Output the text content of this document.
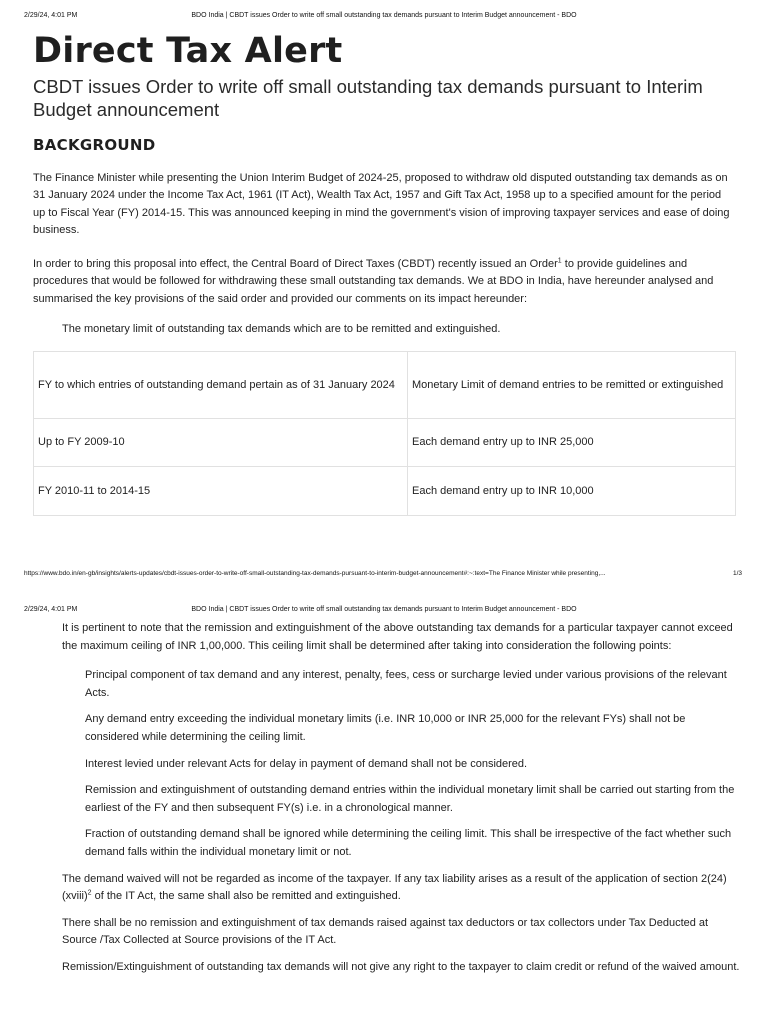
2/29/24, 4:01 PM	BDO India | CBDT issues Order to write off small outstanding tax demands pursuant to Interim Budget announcement - BDO
Direct Tax Alert
CBDT issues Order to write off small outstanding tax demands pursuant to Interim Budget announcement
BACKGROUND

The Finance Minister while presenting the Union Interim Budget of 2024-25, proposed to withdraw old disputed outstanding tax demands as on 31 January 2024 under the Income Tax Act, 1961 (IT Act), Wealth Tax Act, 1957 and Gift Tax Act, 1958 up to a specified amount for the period up to Fiscal Year (FY) 2014-15. This was announced keeping in mind the government's vision of improving taxpayer services and ease of doing business.

In order to bring this proposal into effect, the Central Board of Direct Taxes (CBDT) recently issued an Order$^1$ to provide guidelines and procedures that would be followed for withdrawing these small outstanding tax demands. We at BDO in India, have hereunder analysed and summarised the key provisions of the said order and provided our comments on its impact hereunder:

The monetary limit of outstanding tax demands which are to be remitted and extinguished.

FY to which entries of outstanding demand pertain as of 31 January 2024	Monetary Limit of demand entries to be remitted or extinguished
Up to FY 2009-10	Each demand entry up to INR 25,000
FY 2010-11 to 2014-15	Each demand entry up to INR 10,000
https://www.bdo.in/en-gb/insights/alerts-updates/cbdt-issues-order-to-write-off-small-outstanding-tax-demands-pursuant-to-interim-budget-announcement#:~:text=The Finance Minister while presenting,...	1/3
2/29/24, 4:01 PM	BDO India | CBDT issues Order to write off small outstanding tax demands pursuant to Interim Budget announcement - BDO

It is pertinent to note that the remission and extinguishment of the above outstanding tax demands for a particular taxpayer cannot exceed the maximum ceiling of INR 1,00,000. This ceiling limit shall be determined after taking into consideration the following points:

Principal component of tax demand and any interest, penalty, fees, cess or surcharge levied under various provisions of the relevant Acts.
Any demand entry exceeding the individual monetary limits (i.e. INR 10,000 or INR 25,000 for the relevant FYs) shall not be considered while determining the ceiling limit.
Interest levied under relevant Acts for delay in payment of demand shall not be considered.
Remission and extinguishment of outstanding demand entries within the individual monetary limit shall be carried out starting from the earliest of the FY and then subsequent FY(s) i.e. in a chronological manner.
Fraction of outstanding demand shall be ignored while determining the ceiling limit. This shall be irrespective of the fact whether such demand falls within the individual monetary limit or not.

The demand waived will not be regarded as income of the taxpayer. If any tax liability arises as a result of the application of section 2(24)(xviii)$^2$ of the IT Act, the same shall also be remitted and extinguished.

There shall be no remission and extinguishment of tax demands raised against tax deductors or tax collectors under Tax Deducted at Source /Tax Collected at Source provisions of the IT Act.

Remission/Extinguishment of outstanding tax demands will not give any right to the taxpayer to claim credit or refund of the waived amount.
